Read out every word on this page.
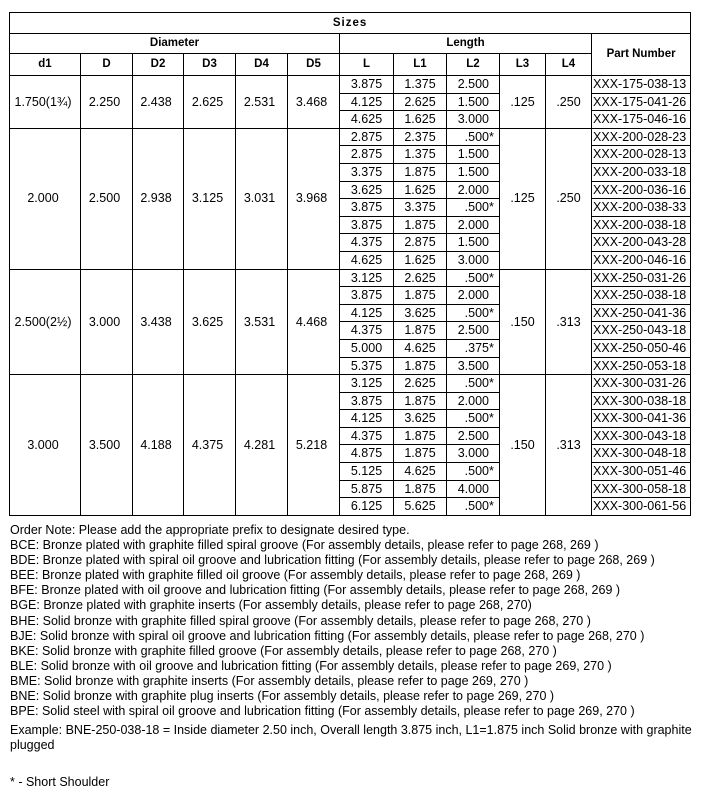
Sizes											
Diameter						Length					Part Number
d1	D	D2	D3	D4	D5	L	L1	L2	L3	L4	
1.750(1¾)	2.250	2.438	2.625	2.531	3.468	3.875	1.375	2.500	.125	.250	XXX-175-038-13
						4.125	2.625	1.500			XXX-175-041-26
						4.625	1.625	3.000			XXX-175-046-16
2.000	2.500	2.938	3.125	3.031	3.968	2.875	2.375	.500*	.125	.250	XXX-200-028-23
						2.875	1.375	1.500			XXX-200-028-13
						3.375	1.875	1.500			XXX-200-033-18
						3.625	1.625	2.000			XXX-200-036-16
						3.875	3.375	.500*			XXX-200-038-33
						3.875	1.875	2.000			XXX-200-038-18
						4.375	2.875	1.500			XXX-200-043-28
						4.625	1.625	3.000			XXX-200-046-16
2.500(2½)	3.000	3.438	3.625	3.531	4.468	3.125	2.625	.500*	.150	.313	XXX-250-031-26
						3.875	1.875	2.000			XXX-250-038-18
						4.125	3.625	.500*			XXX-250-041-36
						4.375	1.875	2.500			XXX-250-043-18
						5.000	4.625	.375*			XXX-250-050-46
						5.375	1.875	3.500			XXX-250-053-18
3.000	3.500	4.188	4.375	4.281	5.218	3.125	2.625	.500*	.150	.313	XXX-300-031-26
						3.875	1.875	2.000			XXX-300-038-18
						4.125	3.625	.500*			XXX-300-041-36
						4.375	1.875	2.500			XXX-300-043-18
						4.875	1.875	3.000			XXX-300-048-18
						5.125	4.625	.500*			XXX-300-051-46
						5.875	1.875	4.000			XXX-300-058-18
						6.125	5.625	.500*			XXX-300-061-56
Order Note: Please add the appropriate prefix to designate desired type.
BCE: Bronze plated with graphite filled spiral groove (For assembly details, please refer to page 268, 269 )
BDE: Bronze plated with spiral oil groove and lubrication fitting (For assembly details, please refer to page 268, 269 )
BEE: Bronze plated with graphite filled oil groove (For assembly details, please refer to page 268, 269 )
BFE: Bronze plated with oil groove and lubrication fitting (For assembly details, please refer to page 268, 269 )
BGE: Bronze plated with graphite inserts (For assembly details, please refer to page 268, 270)
BHE: Solid bronze with graphite filled spiral groove (For assembly details, please refer to page 268, 270 )
BJE: Solid bronze with spiral oil groove and lubrication fitting (For assembly details, please refer to page 268, 270 )
BKE: Solid bronze with graphite filled groove (For assembly details, please refer to page 268, 270 )
BLE: Solid bronze with oil groove and lubrication fitting (For assembly details, please refer to page 269, 270 )
BME: Solid bronze with graphite inserts (For assembly details, please refer to page 269, 270 )
BNE: Solid bronze with graphite plug inserts (For assembly details, please refer to page 269, 270 )
BPE: Solid steel with spiral oil groove and lubrication fitting (For assembly details, please refer to page 269, 270 )
Example: BNE-250-038-18 = Inside diameter 2.50 inch, Overall length 3.875 inch, L1=1.875 inch Solid bronze with graphite plugged
* - Short Shoulder
